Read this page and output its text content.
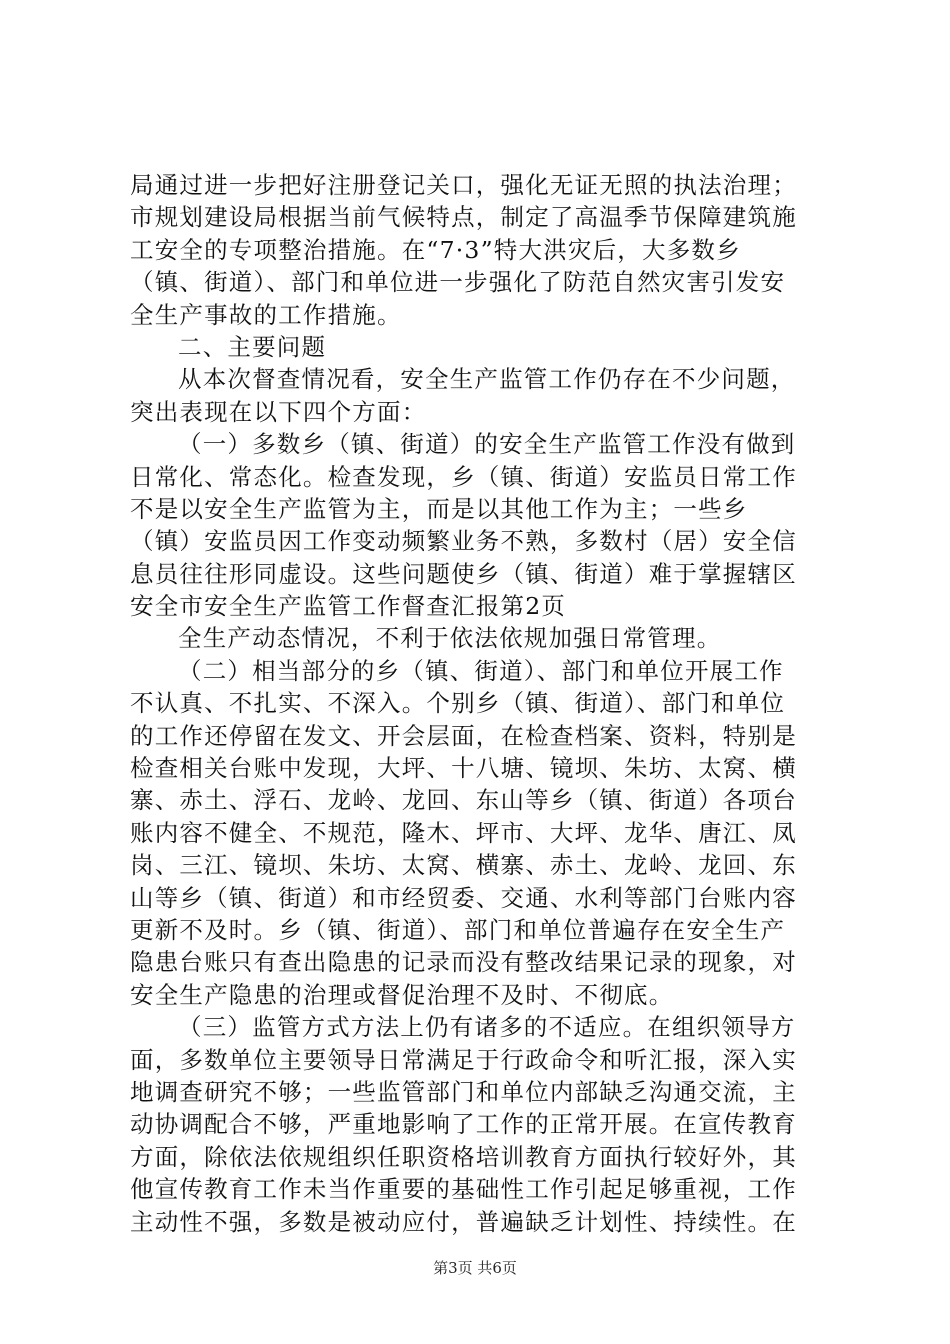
局通过进一步把好注册登记关口，强化无证无照的执法治理；
市规划建设局根据当前气候特点，制定了高温季节保障建筑施
工安全的专项整治措施。在“7·3”特大洪灾后，大多数乡
（镇、街道）、部门和单位进一步强化了防范自然灾害引发安
全生产事故的工作措施。
二、主要问题
从本次督查情况看，安全生产监管工作仍存在不少问题，
突出表现在以下四个方面：
（一）多数乡（镇、街道）的安全生产监管工作没有做到
日常化、常态化。检查发现，乡（镇、街道）安监员日常工作
不是以安全生产监管为主，而是以其他工作为主；一些乡
（镇）安监员因工作变动频繁业务不熟，多数村（居）安全信
息员往往形同虚设。这些问题使乡（镇、街道）难于掌握辖区
安全市安全生产监管工作督查汇报第2页
全生产动态情况，不利于依法依规加强日常管理。
（二）相当部分的乡（镇、街道）、部门和单位开展工作
不认真、不扎实、不深入。个别乡（镇、街道）、部门和单位
的工作还停留在发文、开会层面，在检查档案、资料，特别是
检查相关台账中发现，大坪、十八塘、镜坝、朱坊、太窝、横
寨、赤土、浮石、龙岭、龙回、东山等乡（镇、街道）各项台
账内容不健全、不规范，隆木、坪市、大坪、龙华、唐江、凤
岗、三江、镜坝、朱坊、太窝、横寨、赤土、龙岭、龙回、东
山等乡（镇、街道）和市经贸委、交通、水利等部门台账内容
更新不及时。乡（镇、街道）、部门和单位普遍存在安全生产
隐患台账只有查出隐患的记录而没有整改结果记录的现象，对
安全生产隐患的治理或督促治理不及时、不彻底。
（三）监管方式方法上仍有诸多的不适应。在组织领导方
面，多数单位主要领导日常满足于行政命令和听汇报，深入实
地调查研究不够；一些监管部门和单位内部缺乏沟通交流，主
动协调配合不够，严重地影响了工作的正常开展。在宣传教育
方面，除依法依规组织任职资格培训教育方面执行较好外，其
他宣传教育工作未当作重要的基础性工作引起足够重视，工作
主动性不强，多数是被动应付，普遍缺乏计划性、持续性。在
第3页 共6页
